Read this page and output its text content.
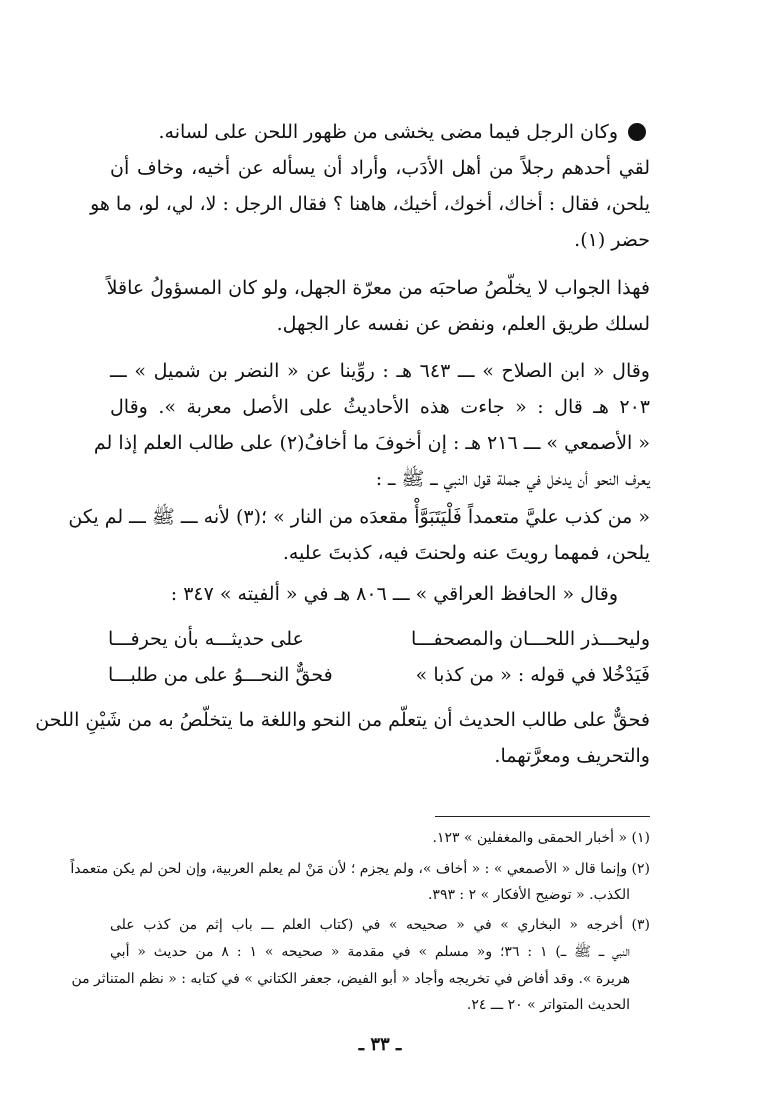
وكان الرجل فيما مضى يخشى من ظهور اللحن على لسانه.
لقي أحدهم رجلاً من أهل الأدَب، وأراد أن يسأله عن أخيه، وخاف أن
يلحن، فقال : أخاك، أخوك، أخيك، هاهنا ؟ فقال الرجل : لا، لي، لو، ما هو
حضر (١).
فهذا الجواب لا يخلّصُ صاحبَه من معرّة الجهل، ولو كان المسؤولُ عاقلاً
لسلك طريق العلم، ونفض عن نفسه عار الجهل.
وقال « ابن الصلاح » ـــ ٦٤٣ هـ : روِّينا عن « النضر بن شميل » ـــ
٢٠٣ هـ قال : « جاءت هذه الأحاديثُ على الأصل معربة ». وقال
« الأصمعي » ـــ ٢١٦ هـ : إن أخوفَ ما أخافُ(٢) على طالب العلم إذا لم
يعرف النحو أن يدخل في جملة قول النبي ـــ ﷺ ـــ :
« من كذب عليَّ متعمداً فَلْيَتَبَوَّأْ مقعدَه من النار » ؛(٣) لأنه ـــ ﷺ ـــ لم يكن
يلحن، فمهما رويتَ عنه ولحنتَ فيه، كذبتَ عليه.
وقال « الحافظ العراقي » ـــ ٨٠٦ هـ في « ألفيته » ٣٤٧ :
وليحـــذر اللحـــان والمصحفـــا
على حديثـــه بأن يحرفـــا
فَيَدْخُلا في قوله : « من كذبا »
فحقٌّ النحـــوُ على من طلبـــا
فحقٌّ على طالب الحديث أن يتعلّم من النحو واللغة ما يتخلّصُ به من شَيْنِ اللحن
والتحريف ومعرَّتهما.
(١) « أخبار الحمقى والمغفلين » ١٢٣.
(٢) وإنما قال « الأصمعي » : « أخاف »، ولم يجزم ؛ لأن مَنْ لم يعلم العربية، وإن لحن لم يكن متعمداً
الكذب. « توضيح الأفكار » ٢ : ٣٩٣.
(٣) أخرجه « البخاري » في « صحيحه » في (كتاب العلم ـــ باب إثم من كذب على
النبي ـــ ﷺ ـــ) ١ : ٣٦؛ و« مسلم » في مقدمة « صحيحه » ١ : ٨ من حديث « أبي
هريرة ». وقد أفاض في تخريجه وأجاد « أبو الفيض، جعفر الكتاني » في كتابه : « نظم المتناثر من
الحديث المتواتر » ٢٠ ـــ ٢٤.
ـ ٣٣ ـ
